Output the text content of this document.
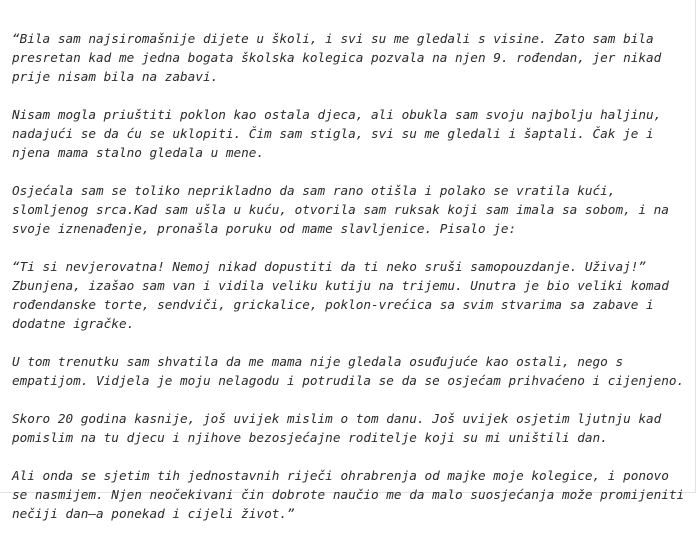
“Bila sam najsiromašnije dijete u školi, i svi su me gledali s visine. Zato sam bila
presretan kad me jedna bogata školska kolegica pozvala na njen 9. rođendan, jer nikad
prije nisam bila na zabavi.
Nisam mogla priuštiti poklon kao ostala djeca, ali obukla sam svoju najbolju haljinu,
nadajući se da ću se uklopiti. Čim sam stigla, svi su me gledali i šaptali. Čak je i
njena mama stalno gledala u mene.
Osjećala sam se toliko neprikladno da sam rano otišla i polako se vratila kući,
slomljenog srca.Kad sam ušla u kuću, otvorila sam ruksak koji sam imala sa sobom, i na
svoje iznenađenje, pronašla poruku od mame slavljenice. Pisalo je:
“Ti si nevjerovatna! Nemoj nikad dopustiti da ti neko sruši samopouzdanje. Uživaj!”
Zbunjena, izašao sam van i vidila veliku kutiju na trijemu. Unutra je bio veliki komad
rođendanske torte, sendviči, grickalice, poklon-vrećica sa svim stvarima sa zabave i
dodatne igračke.
U tom trenutku sam shvatila da me mama nije gledala osuđujuće kao ostali, nego s
empatijom. Vidjela je moju nelagodu i potrudila se da se osjećam prihvaćeno i cijenjeno.
Skoro 20 godina kasnije, još uvijek mislim o tom danu. Još uvijek osjetim ljutnju kad
pomislim na tu djecu i njihove bezosjećajne roditelje koji su mi uništili dan.
Ali onda se sjetim tih jednostavnih riječi ohrabrenja od majke moje kolegice, i ponovo
se nasmijem. Njen neočekivani čin dobrote naučio me da malo suosjećanja može promijeniti
nečiji dan—a ponekad i cijeli život.”
